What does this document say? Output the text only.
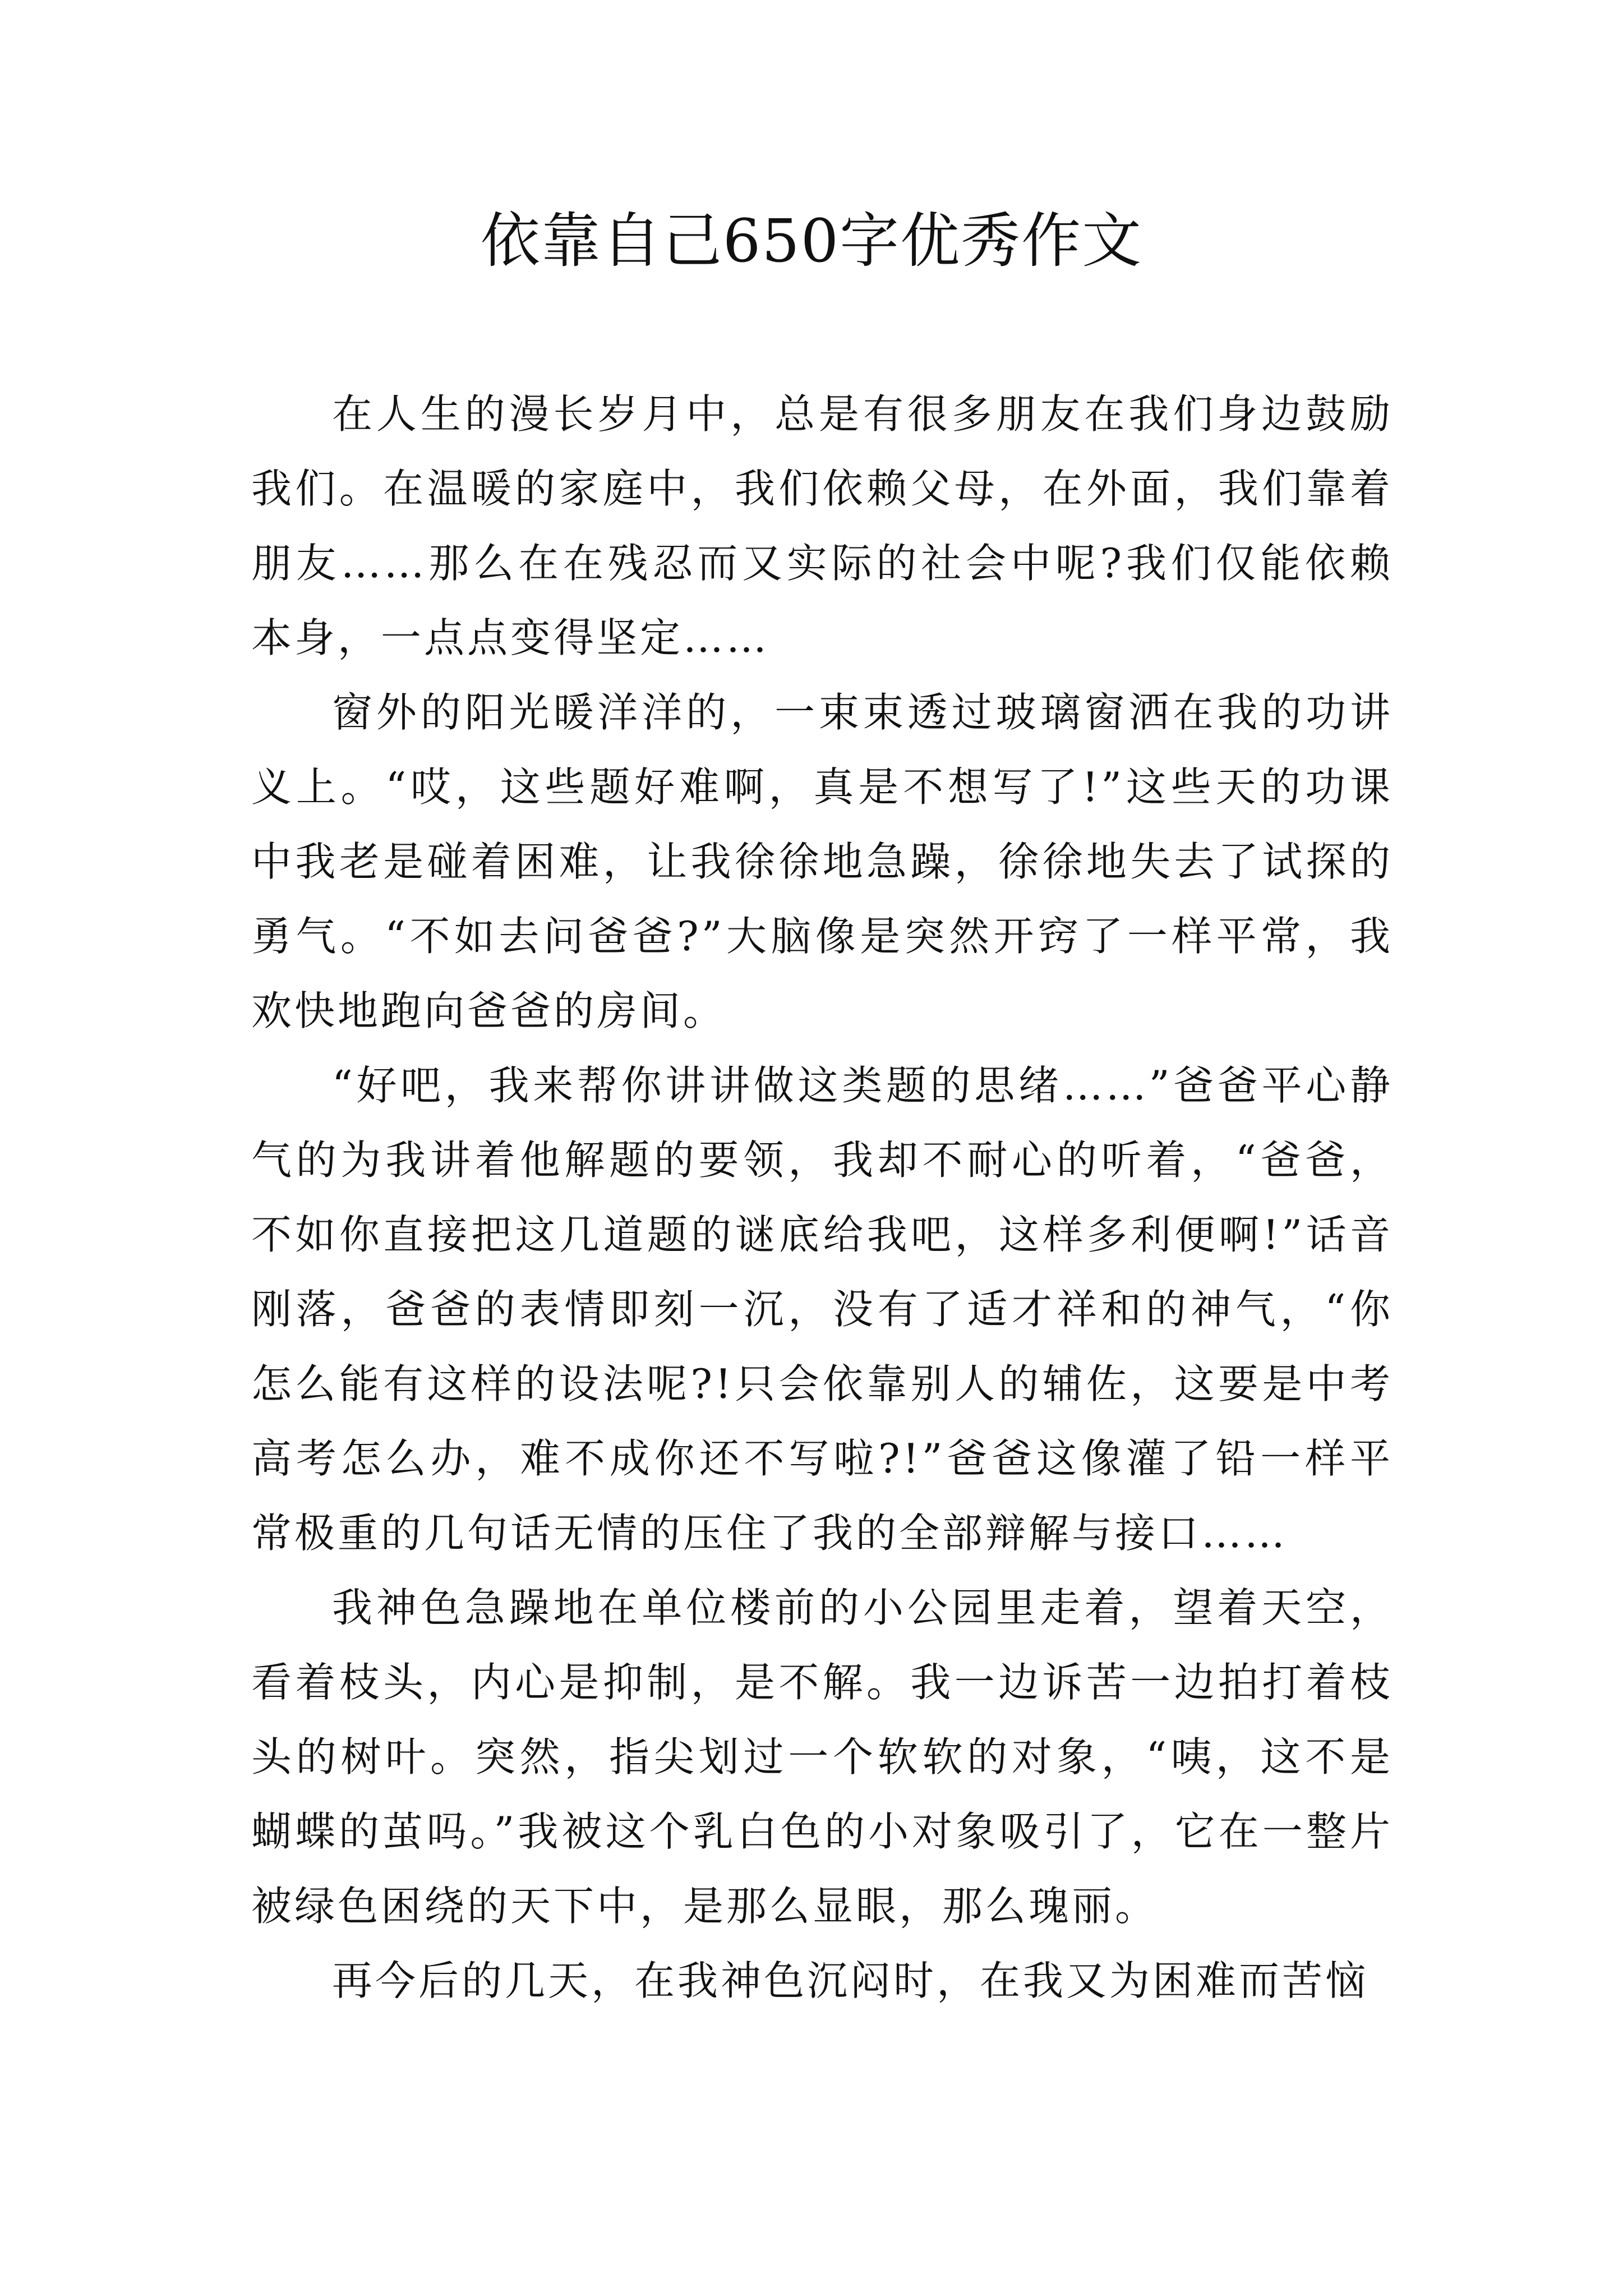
依靠自己650字优秀作文

在人生的漫长岁月中，总是有很多朋友在我们身边鼓励我们。在温暖的家庭中，我们依赖父母，在外面，我们靠着朋友……那么在在残忍而又实际的社会中呢?我们仅能依赖本身，一点点变得坚定……

窗外的阳光暖洋洋的，一束束透过玻璃窗洒在我的功讲义上。“哎，这些题好难啊，真是不想写了!”这些天的功课中我老是碰着困难，让我徐徐地急躁，徐徐地失去了试探的勇气。“不如去问爸爸?”大脑像是突然开窍了一样平常，我欢快地跑向爸爸的房间。

“好吧，我来帮你讲讲做这类题的思绪……”爸爸平心静气的为我讲着他解题的要领，我却不耐心的听着，“爸爸，不如你直接把这几道题的谜底给我吧，这样多利便啊!”话音刚落，爸爸的表情即刻一沉，没有了适才祥和的神气，“你怎么能有这样的设法呢?!只会依靠别人的辅佐，这要是中考高考怎么办，难不成你还不写啦?!”爸爸这像灌了铅一样平常极重的几句话无情的压住了我的全部辩解与接口……

我神色急躁地在单位楼前的小公园里走着，望着天空，看着枝头，内心是抑制，是不解。我一边诉苦一边拍打着枝头的树叶。突然，指尖划过一个软软的对象，“咦，这不是蝴蝶的茧吗。”我被这个乳白色的小对象吸引了，它在一整片被绿色困绕的天下中，是那么显眼，那么瑰丽。

再今后的几天，在我神色沉闷时，在我又为困难而苦恼
